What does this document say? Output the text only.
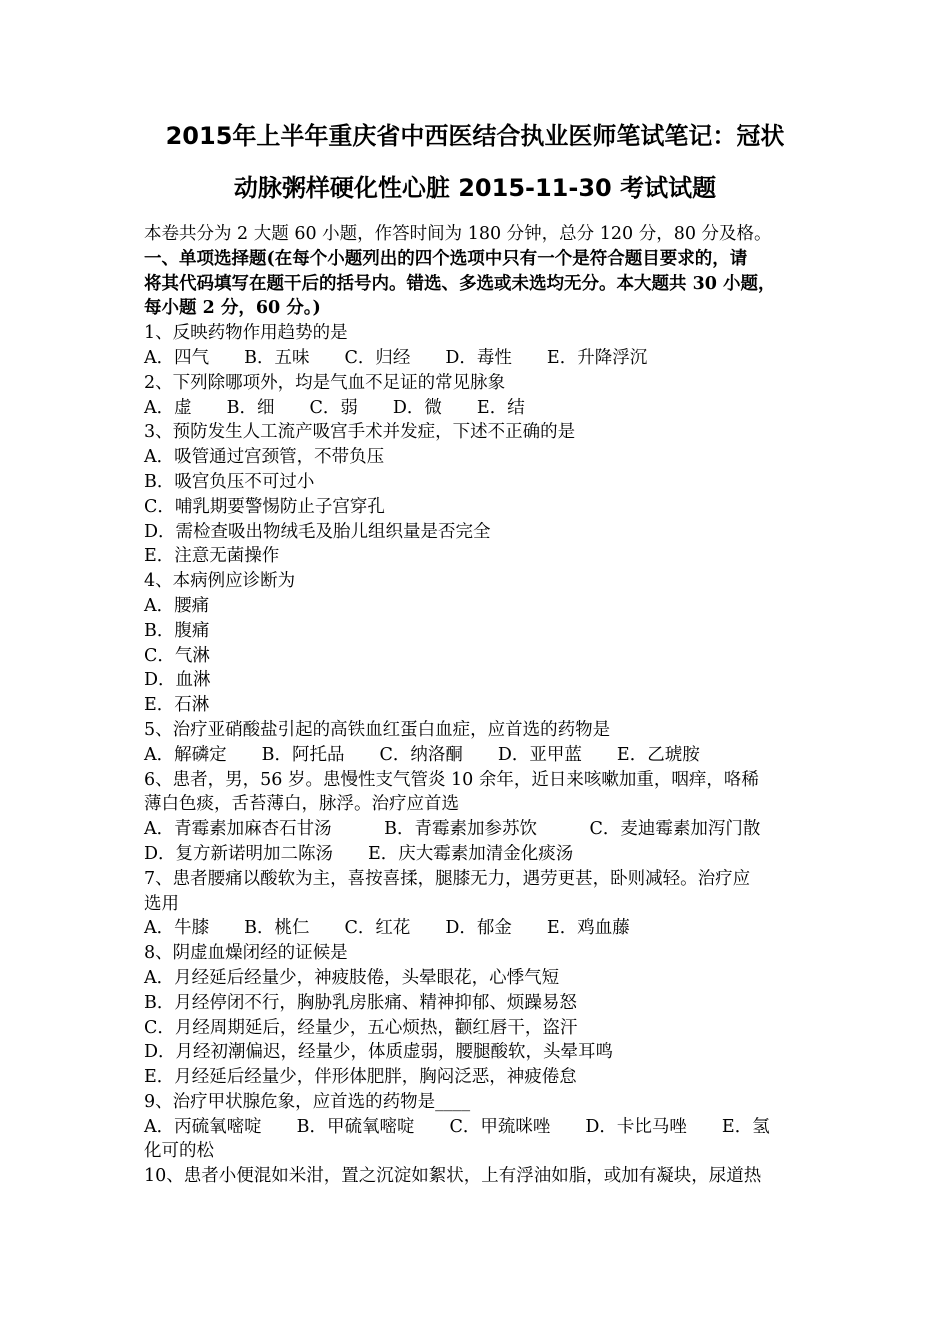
2015年上半年重庆省中西医结合执业医师笔试笔记：冠状
动脉粥样硬化性心脏 2015-11-30 考试试题
本卷共分为 2 大题 60 小题，作答时间为 180 分钟，总分 120 分，80 分及格。
一、单项选择题(在每个小题列出的四个选项中只有一个是符合题目要求的，请
将其代码填写在题干后的括号内。错选、多选或未选均无分。本大题共 30 小题，
每小题 2 分，60 分。)
1、反映药物作用趋势的是
A．四气　　B．五味　　C．归经　　D．毒性　　E．升降浮沉
2、下列除哪项外，均是气血不足证的常见脉象
A．虚　　B．细　　C．弱　　D．微　　E．结
3、预防发生人工流产吸宫手术并发症，下述不正确的是
A．吸管通过宫颈管，不带负压
B．吸宫负压不可过小
C．哺乳期要警惕防止子宫穿孔
D．需检查吸出物绒毛及胎儿组织量是否完全
E．注意无菌操作
4、本病例应诊断为
A．腰痛
B．腹痛
C．气淋
D．血淋
E．石淋
5、治疗亚硝酸盐引起的高铁血红蛋白血症，应首选的药物是
A．解磷定　　B．阿托品　　C．纳洛酮　　D．亚甲蓝　　E．乙琥胺
6、患者，男，56 岁。患慢性支气管炎 10 余年，近日来咳嗽加重，咽痒，咯稀
薄白色痰，舌苔薄白，脉浮。治疗应首选
A．青霉素加麻杏石甘汤　　　B．青霉素加参苏饮　　　C．麦迪霉素加泻门散
D．复方新诺明加二陈汤　　E．庆大霉素加清金化痰汤
7、患者腰痛以酸软为主，喜按喜揉，腿膝无力，遇劳更甚，卧则减轻。治疗应
选用
A．牛膝　　B．桃仁　　C．红花　　D．郁金　　E．鸡血藤
8、阴虚血燥闭经的证候是
A．月经延后经量少，神疲肢倦，头晕眼花，心悸气短
B．月经停闭不行，胸胁乳房胀痛、精神抑郁、烦躁易怒
C．月经周期延后，经量少，五心烦热，颧红唇干，盗汗
D．月经初潮偏迟，经量少，体质虚弱，腰腿酸软，头晕耳鸣
E．月经延后经量少，伴形体肥胖，胸闷泛恶，神疲倦怠
9、治疗甲状腺危象，应首选的药物是____
A．丙硫氧嘧啶　　B．甲硫氧嘧啶　　C．甲巯咪唑　　D．卡比马唑　　E．氢
化可的松
10、患者小便混如米泔，置之沉淀如絮状，上有浮油如脂，或加有凝块，尿道热
